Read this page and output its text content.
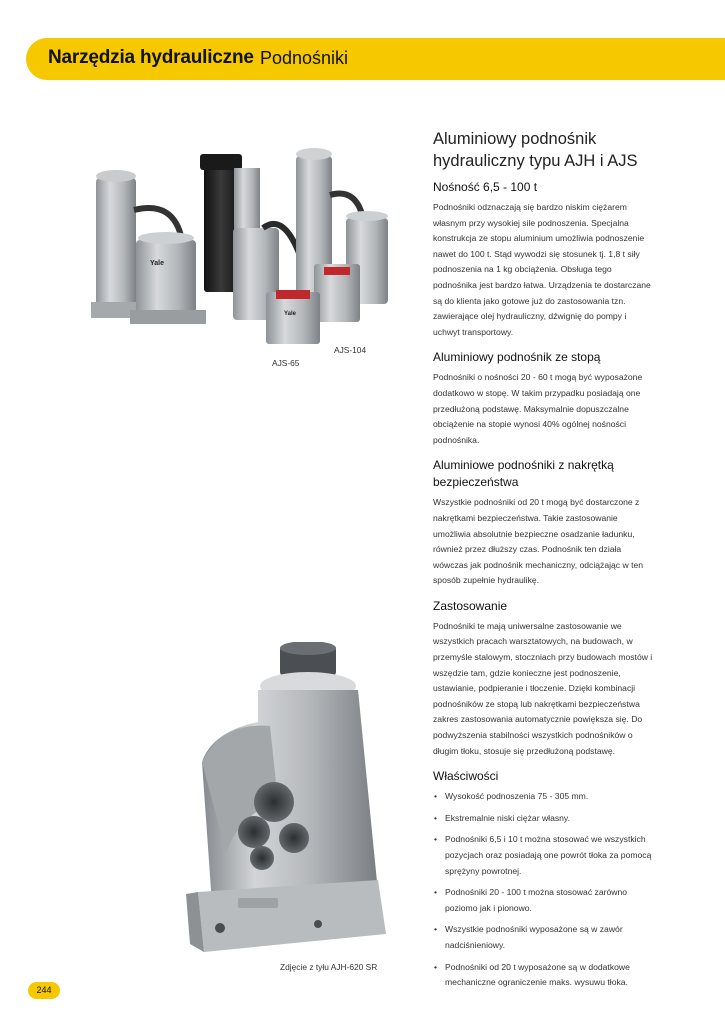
Narzędzia hydrauliczne Podnośniki
Yale
Yale
AJS-104
AJS-65
Zdjęcie z tyłu AJH-620 SR
Aluminiowy podnośnik
hydrauliczny typu AJH i AJS
Nośność 6,5 - 100 t

Podnośniki odznaczają się bardzo niskim ciężarem własnym przy wysokiej sile podnoszenia. Specjalna konstrukcja ze stopu aluminium umożliwia podnoszenie nawet do 100 t. Stąd wywodzi się stosunek tj. 1,8 t siły podnoszenia na 1 kg obciążenia. Obsługa tego podnośnika jest bardzo łatwa. Urządzenia te dostarczane są do klienta jako gotowe już do zastosowania tzn. zawierające olej hydrauliczny, dźwignię do pompy i uchwyt transportowy.

Aluminiowy podnośnik ze stopą

Podnośniki o nośności 20 - 60 t mogą być wyposażone dodatkowo w stopę. W takim przypadku posiadają one przedłużoną podstawę. Maksymalnie dopuszczalne obciążenie na stopie wynosi 40% ogólnej nośności podnośnika.

Aluminiowe podnośniki z nakrętką bezpieczeństwa

Wszystkie podnośniki od 20 t mogą być dostarczone z nakrętkami bezpieczeństwa. Takie zastosowanie umożliwia absolutnie bezpieczne osadzanie ładunku, również przez dłuższy czas. Podnośnik ten działa wówczas jak podnośnik mechaniczny, odciążając w ten sposób zupełnie hydraulikę.

Zastosowanie

Podnośniki te mają uniwersalne zastosowanie we wszystkich pracach warsztatowych, na budowach, w przemyśle stalowym, stoczniach przy budowach mostów i wszędzie tam, gdzie konieczne jest podnoszenie, ustawianie, podpieranie i tłoczenie. Dzięki kombinacji podnośników ze stopą lub nakrętkami bezpieczeństwa zakres zastosowania automatycznie powiększa się. Do podwyższenia stabilności wszystkich podnośników o długim tłoku, stosuje się przedłużoną podstawę.

Właściwości
• Wysokość podnoszenia 75 - 305 mm.
• Ekstremalnie niski ciężar własny.
• Podnośniki 6,5 i 10 t można stosować we wszystkich pozycjach oraz posiadają one powrót tłoka za pomocą sprężyny powrotnej.
• Podnośniki 20 - 100 t można stosować zarówno poziomo jak i pionowo.
• Wszystkie podnośniki wyposażone są w zawór nadciśnieniowy.
• Podnośniki od 20 t wyposażone są w dodatkowe mechaniczne ograniczenie maks. wysuwu tłoka.
244
